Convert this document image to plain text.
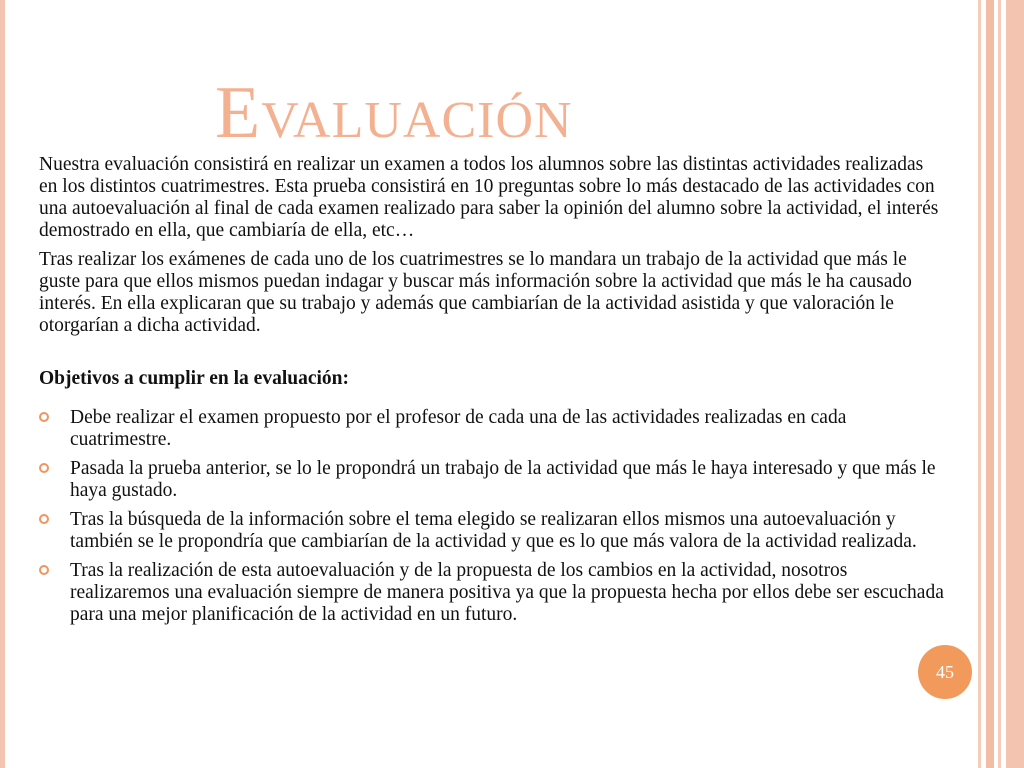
Evaluación

Nuestra evaluación consistirá en realizar un examen a todos los alumnos sobre las distintas actividades realizadas en los distintos cuatrimestres. Esta prueba consistirá en 10 preguntas sobre lo más destacado de las actividades con una autoevaluación al final de cada examen realizado para saber la opinión del alumno sobre la actividad, el interés demostrado en ella, que cambiaría de ella, etc…

Tras realizar los exámenes de cada uno de los cuatrimestres se lo mandara un trabajo de la actividad que más le guste para que ellos mismos puedan indagar y buscar más información sobre la actividad que más le ha causado interés. En ella explicaran que su trabajo y además que cambiarían de la actividad asistida y que valoración le otorgarían a dicha actividad.

Objetivos a cumplir en la evaluación:

Debe realizar el examen propuesto por el profesor de cada una de las actividades realizadas en cada cuatrimestre.
Pasada la prueba anterior, se lo le propondrá un trabajo de la actividad que más le haya interesado y que más le haya gustado.
Tras la búsqueda de la información sobre el tema elegido se realizaran ellos mismos una autoevaluación y también se le propondría que cambiarían de la actividad y que es lo que más valora de la actividad realizada.
Tras la realización de esta autoevaluación y de la propuesta de los cambios en la actividad, nosotros realizaremos una evaluación siempre de manera positiva ya que la propuesta hecha por ellos debe ser escuchada para una mejor planificación de la actividad en un futuro.
45
